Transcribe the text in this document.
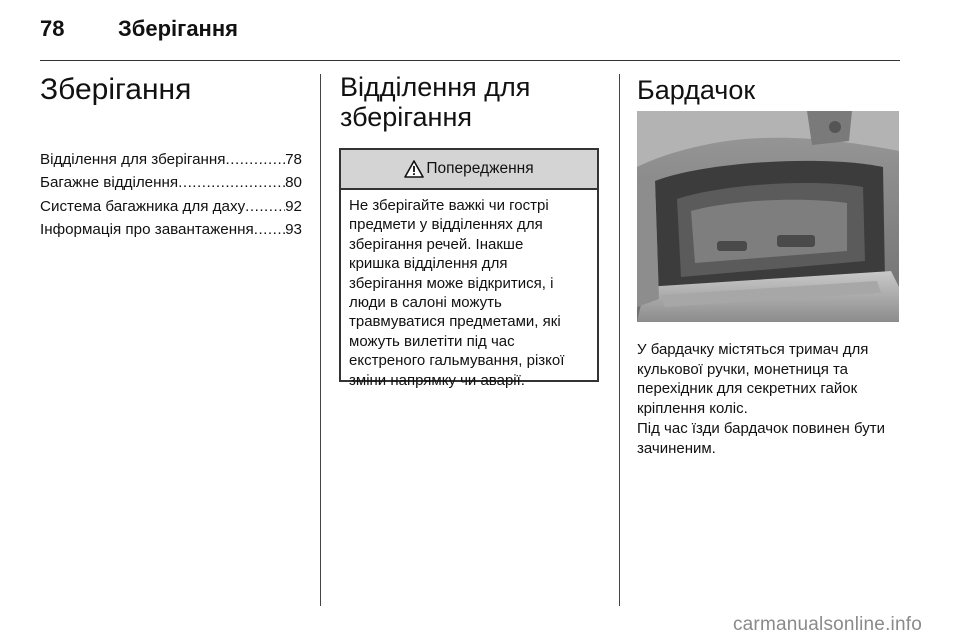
78 Зберігання
Зберігання
Відділення для зберігання .....	78
Багажне відділення .....	80
Система багажника для даху .....	92
Інформація про завантаження ..... 93
Відділення для
зберігання
Попередження
Не зберігайте важкі чи гострі
предмети у відділеннях для
зберігання речей. Інакше
кришка відділення для
зберігання може відкритися, і
люди в салоні можуть
травмуватися предметами, які
можуть вилетіти під час
екстреного гальмування, різкої
зміни напрямку чи аварії.
Бардачок

У бардачку містяться тримач для
кулькової ручки, монетниця та
перехідник для секретних гайок
кріплення коліс.

Під час їзди бардачок повинен бути
зачиненим.

carmanualsonline.info
